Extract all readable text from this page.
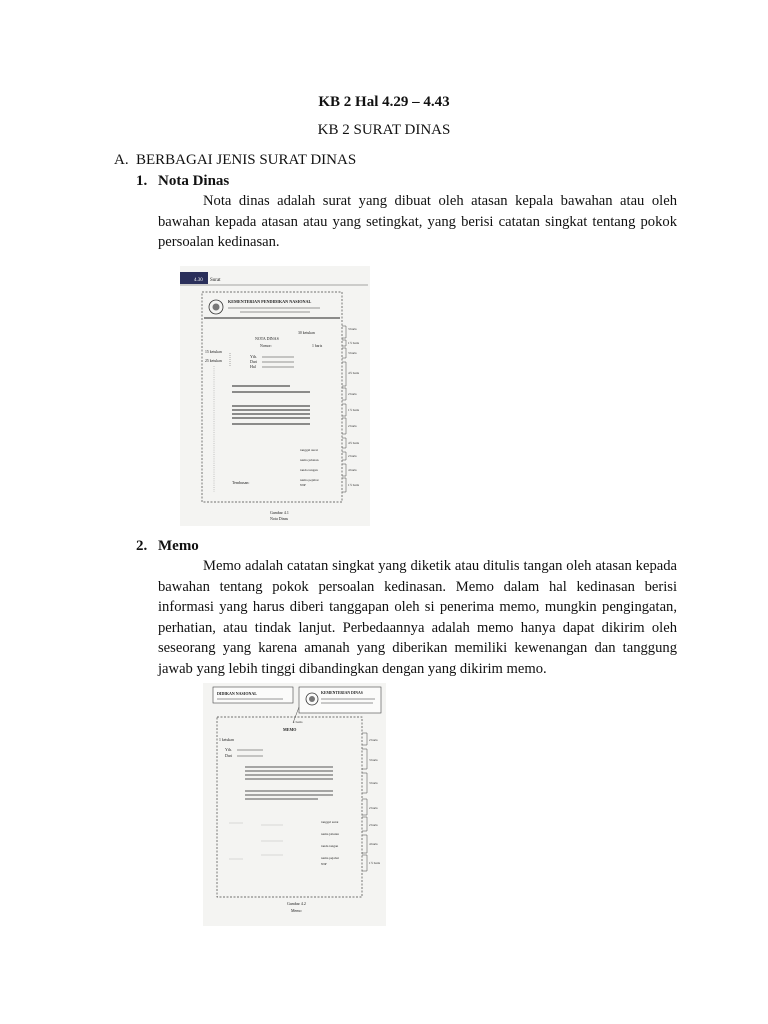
KB 2 Hal 4.29 – 4.43
KB 2 SURAT DINAS
A. BERBAGAI JENIS SURAT DINAS
1. Nota Dinas

Nota dinas adalah surat yang dibuat oleh atasan kepala bawahan atau oleh bawahan kepada atasan atau yang setingkat, yang berisi catatan singkat tentang pokok persoalan kedinasan.

4.30 Surat
KEMENTERIAN PENDIDIKAN NASIONAL
30 ketukan
NOTA DINAS
Nomor:	1 baris
15 ketukan
25 ketukan
Yth.
Dari
Hal
tanggal surat
nama jabatan
tanda tangan
nama pejabat
NIP
Tembusan:
3 baris
1½ baris
3 baris
4½ baris
2 baris
1½ baris
2 baris
4½ baris
2 baris
4 baris
1½ baris
Gambar 4.1
Nota Dinas
2. Memo

Memo adalah catatan singkat yang diketik atau ditulis tangan oleh atasan kepada bawahan tentang pokok persoalan kedinasan. Memo dalam hal kedinasan berisi informasi yang harus diberi tanggapan oleh si penerima memo, mungkin pengingatan, perhatian, atau tindak lanjut. Perbedaannya adalah memo hanya dapat dikirim oleh seseorang yang karena amanah yang diberikan memiliki kewenangan dan tanggung jawab yang lebih tinggi dibandingkan dengan yang dikirim memo.

DIDIKAN NASIONAL	KEMENTERIAN DINAS
1 baris
MEMO
1 ketukan
Yth.
Dari
tanggal surat
nama jabatan
tanda tangan
nama pejabat
NIP
2 baris
3 baris
3 baris
2 baris
2 baris
4 baris
1½ baris
Gambar 4.2
Memo
